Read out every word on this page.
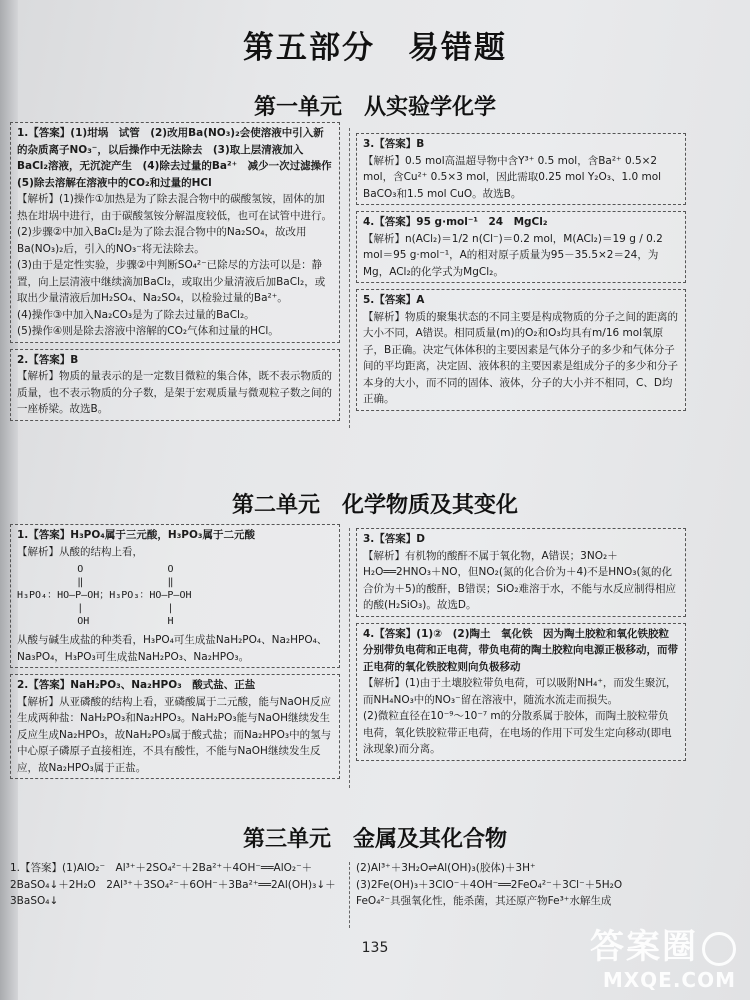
第五部分　易错题
第一单元　从实验学化学
1.【答案】(1)坩埚　试管　(2)改用Ba(NO₃)₂会使溶液中引入新的杂质离子NO₃⁻，以后操作中无法除去　(3)取上层清液加入BaCl₂溶液，无沉淀产生　(4)除去过量的Ba²⁺　减少一次过滤操作　(5)除去溶解在溶液中的CO₂和过量的HCl
【解析】(1)操作①加热是为了除去混合物中的碳酸氢铵，固体的加热在坩埚中进行，由于碳酸氢铵分解温度较低，也可在试管中进行。
(2)步骤②中加入BaCl₂是为了除去混合物中的Na₂SO₄，故改用Ba(NO₃)₂后，引入的NO₃⁻将无法除去。
(3)由于是定性实验，步骤②中判断SO₄²⁻已除尽的方法可以是：静置，向上层清液中继续滴加BaCl₂，或取出少量清液后加BaCl₂，或取出少量清液后加H₂SO₄、Na₂SO₄，以检验过量的Ba²⁺。
(4)操作③中加入Na₂CO₃是为了除去过量的BaCl₂。
(5)操作④则是除去溶液中溶解的CO₂气体和过量的HCl。
2.【答案】B
【解析】物质的量表示的是一定数目微粒的集合体，既不表示物质的质量，也不表示物质的分子数，是架于宏观质量与微观粒子数之间的一座桥梁。故选B。
3.【答案】B
【解析】0.5 mol高温超导物中含Y³⁺ 0.5 mol，含Ba²⁺ 0.5×2 mol，含Cu²⁺ 0.5×3 mol，因此需取0.25 mol Y₂O₃、1.0 mol BaCO₃和1.5 mol CuO。故选B。
4.【答案】95 g·mol⁻¹　24　MgCl₂
【解析】n(ACl₂)＝1/2 n(Cl⁻)＝0.2 mol，M(ACl₂)＝19 g / 0.2 mol＝95 g·mol⁻¹，A的相对原子质量为95－35.5×2＝24，为Mg，ACl₂的化学式为MgCl₂。
5.【答案】A
【解析】物质的聚集状态的不同主要是构成物质的分子之间的距离的大小不同，A错误。相同质量(m)的O₂和O₃均具有m/16 mol氧原子，B正确。决定气体体积的主要因素是气体分子的多少和气体分子间的平均距离，决定固、液体积的主要因素是组成分子的多少和分子本身的大小，而不同的固体、液体，分子的大小并不相同，C、D均正确。
第二单元　化学物质及其变化
1.【答案】H₃PO₄属于三元酸，H₃PO₃属于二元酸
【解析】从酸的结构上看，
O              O
‖              ‖
H₃PO₄：HO—P—OH；H₃PO₃：HO—P—OH
|              |
OH             H
从酸与碱生成盐的种类看，H₃PO₄可生成盐NaH₂PO₄、Na₂HPO₄、Na₃PO₄，H₃PO₃可生成盐NaH₂PO₃、Na₂HPO₃。
2.【答案】NaH₂PO₃、Na₂HPO₃　酸式盐、正盐
【解析】从亚磷酸的结构上看，亚磷酸属于二元酸，能与NaOH反应生成两种盐：NaH₂PO₃和Na₂HPO₃。NaH₂PO₃能与NaOH继续发生反应生成Na₂HPO₃，故NaH₂PO₃属于酸式盐；而Na₂HPO₃中的氢与中心原子磷原子直接相连，不具有酸性，不能与NaOH继续发生反应，故Na₂HPO₃属于正盐。
3.【答案】D
【解析】有机物的酸酐不属于氧化物，A错误；3NO₂＋H₂O══2HNO₃＋NO，但NO₂(氮的化合价为＋4)不是HNO₃(氮的化合价为＋5)的酸酐，B错误；SiO₂难溶于水，不能与水反应制得相应的酸(H₂SiO₃)。故选D。
4.【答案】(1)②　(2)陶土　氧化铁　因为陶土胶粒和氧化铁胶粒分别带负电荷和正电荷，带负电荷的陶土胶粒向电源正极移动，而带正电荷的氧化铁胶粒则向负极移动
【解析】(1)由于土壤胶粒带负电荷，可以吸附NH₄⁺，而发生聚沉，而NH₄NO₃中的NO₃⁻留在溶液中，随流水流走而损失。
(2)微粒直径在10⁻⁹～10⁻⁷ m的分散系属于胶体，而陶土胶粒带负电荷，氧化铁胶粒带正电荷，在电场的作用下可发生定向移动(即电泳现象)而分离。
第三单元　金属及其化合物
1.【答案】(1)AlO₂⁻　Al³⁺＋2SO₄²⁻＋2Ba²⁺＋4OH⁻══AlO₂⁻＋2BaSO₄↓＋2H₂O　2Al³⁺＋3SO₄²⁻＋6OH⁻＋3Ba²⁺══2Al(OH)₃↓＋3BaSO₄↓
(2)Al³⁺＋3H₂O⇌Al(OH)₃(胶体)＋3H⁺
(3)2Fe(OH)₃＋3ClO⁻＋4OH⁻══2FeO₄²⁻＋3Cl⁻＋5H₂O
FeO₄²⁻具强氧化性，能杀菌，其还原产物Fe³⁺水解生成
135	答案圈
MXQE.COM
